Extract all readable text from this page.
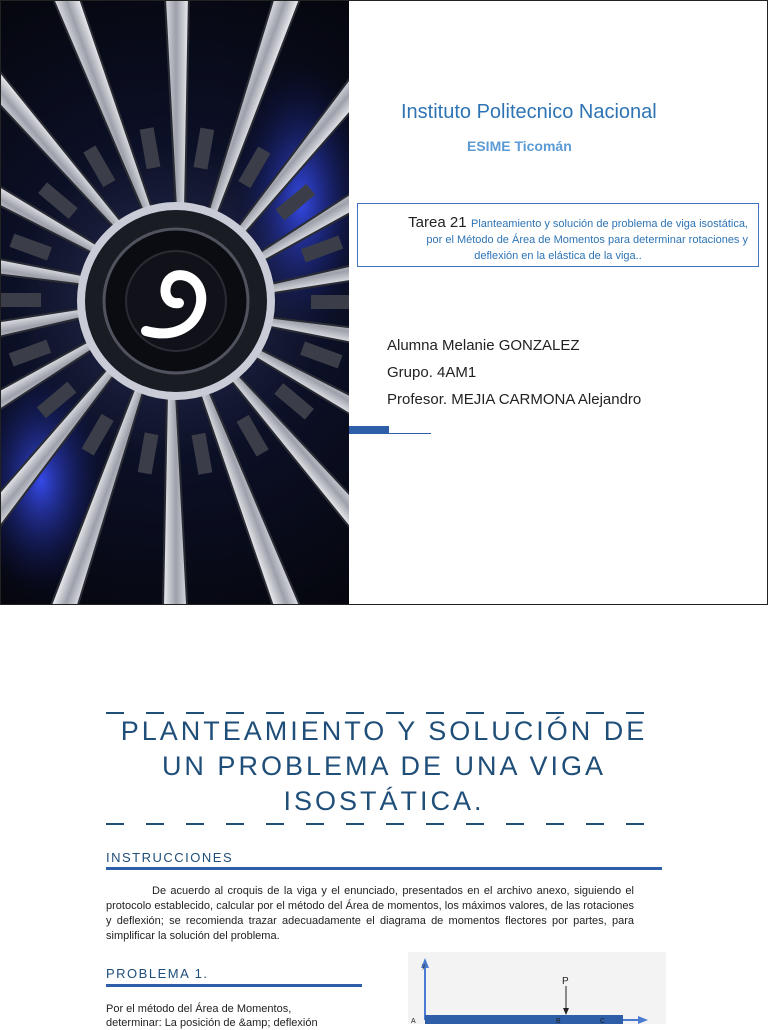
Instituto Politecnico Nacional
ESIME Ticomán
Tarea 21 Planteamiento y solución de problema de viga isostática,
por el Método de Área de Momentos para determinar rotaciones y
deflexión en la elástica de la viga..
Alumna Melanie GONZALEZ
Grupo. 4AM1
Profesor. MEJIA CARMONA Alejandro
PLANTEAMIENTO Y SOLUCIÓN DE
UN PROBLEMA DE UNA VIGA
ISOSTÁTICA.
INSTRUCCIONES
De acuerdo al croquis de la viga y el enunciado, presentados en el archivo anexo, siguiendo el protocolo establecido, calcular por el método del Área de momentos, los máximos valores, de las rotaciones y deflexión; se recomienda trazar adecuadamente el diagrama de momentos flectores por partes, para simplificar la solución del problema.
PROBLEMA 1.
Por el método del Área de Momentos,
determinar: La posición de &amp; deflexión
y
P
A	B	C
